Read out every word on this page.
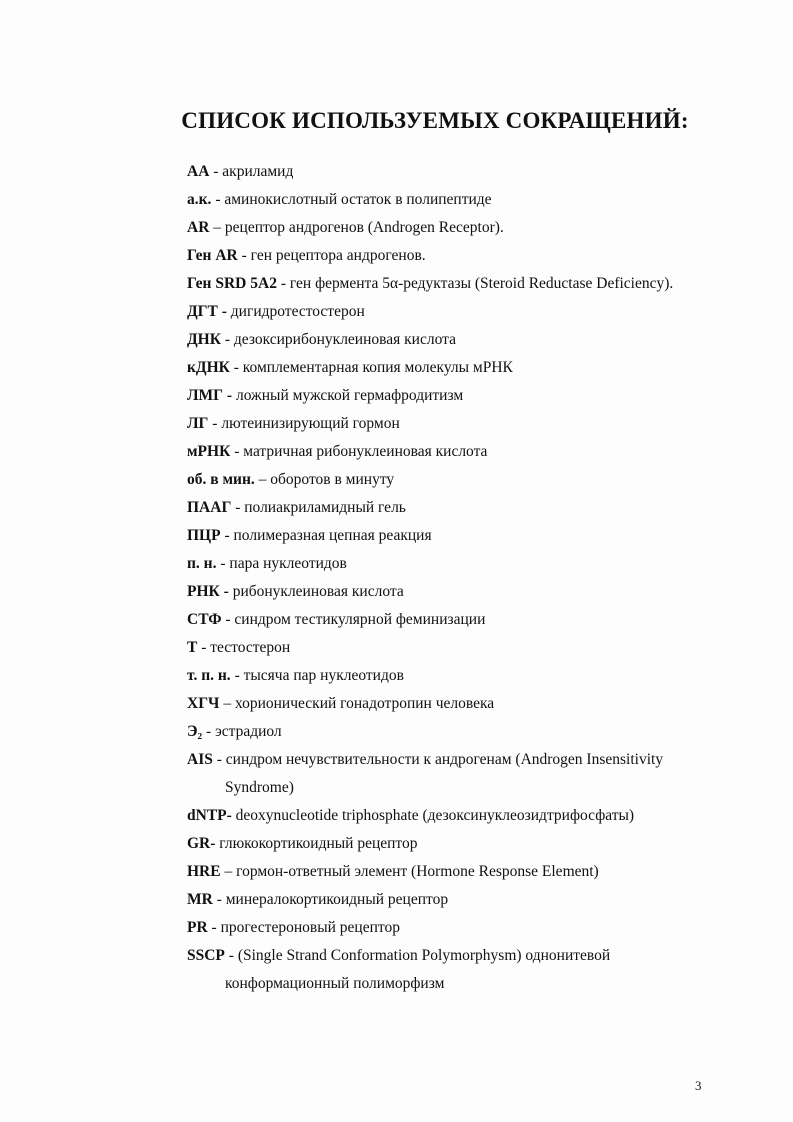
СПИСОК ИСПОЛЬЗУЕМЫХ СОКРАЩЕНИЙ:
АА - акриламид
а.к. - аминокислотный остаток в полипептиде
AR – рецептор андрогенов (Androgen Receptor).
Ген AR - ген рецептора андрогенов.
Ген SRD 5A2 - ген фермента 5α-редуктазы (Steroid Reductase Deficiency).
ДГТ - дигидротестостерон
ДНК - дезоксирибонуклеиновая кислота
кДНК - комплементарная копия молекулы мРНК
ЛМГ - ложный мужской гермафродитизм
ЛГ - лютеинизирующий гормон
мРНК - матричная рибонуклеиновая кислота
об. в мин. – оборотов в минуту
ПААГ - полиакриламидный гель
ПЦР - полимеразная цепная реакция
п. н. - пара нуклеотидов
РНК - рибонуклеиновая кислота
СТФ - синдром тестикулярной феминизации
Т - тестостерон
т. п. н. - тысяча пар нуклеотидов
ХГЧ – хорионический гонадотропин человека
Э₂ - эстрадиол
AIS - синдром нечувствительности к андрогенам (Androgen Insensitivity
Syndrome)
dNTP- deoxynucleotide triphosphate (дезоксинуклеозидтрифосфаты)
GR- глюкокортикоидный рецептор
HRE – гормон-ответный элемент (Hormone Response Element)
MR - минералокортикоидный рецептор
PR - прогестероновый рецептор
SSCP - (Single Strand Conformation Polymorphysm) однонитевой
конформационный полиморфизм
3
